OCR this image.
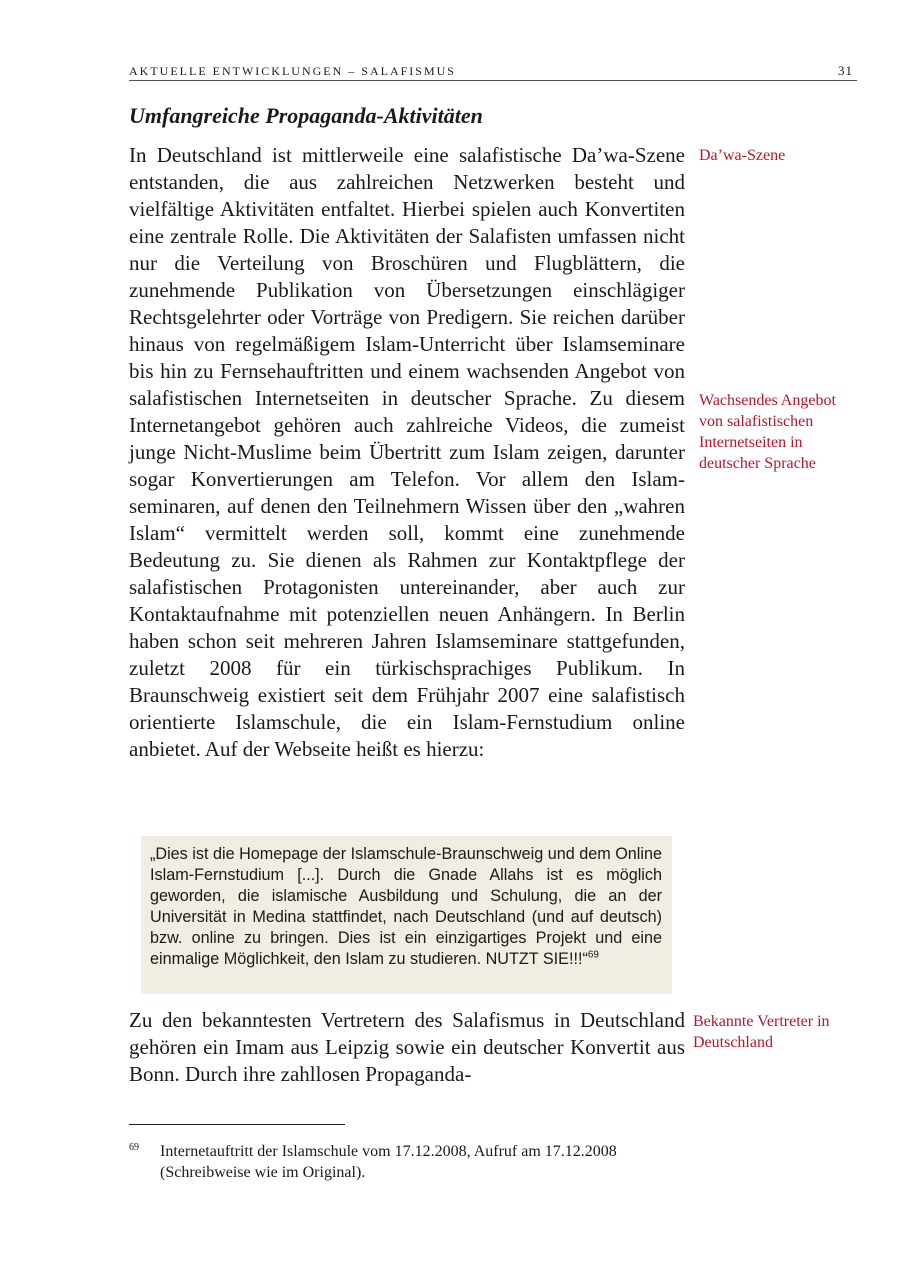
AKTUELLE ENTWICKLUNGEN – SALAFISMUS	31
Umfangreiche Propaganda-Aktivitäten

In Deutschland ist mittlerweile eine salafistische Da’wa-Szene entstanden, die aus zahlreichen Netzwerken besteht und vielfältige Aktivitäten entfaltet. Hierbei spielen auch Konvertiten eine zentrale Rolle. Die Aktivitäten der Salafisten umfassen nicht nur die Verteilung von Broschüren und Flugblättern, die zunehmende Publikation von Übersetzungen einschlägiger Rechtsgelehrter oder Vorträge von Predigern. Sie reichen darüber hinaus von regelmäßigem Islam-Unterricht über Islamseminare bis hin zu Fernsehauftritten und einem wachsenden Angebot von salafistischen Internetseiten in deutscher Sprache. Zu diesem Internetangebot gehören auch zahlreiche Videos, die zumeist junge Nicht-Muslime beim Übertritt zum Islam zeigen, darunter sogar Konvertierungen am Telefon. Vor allem den Islamseminaren, auf denen den Teilnehmern Wissen über den „wahren Islam“ vermittelt werden soll, kommt eine zunehmende Bedeutung zu. Sie dienen als Rahmen zur Kontaktpflege der salafistischen Protagonisten untereinander, aber auch zur Kontaktaufnahme mit potenziellen neuen Anhängern. In Berlin haben schon seit mehreren Jahren Islamseminare stattgefunden, zuletzt 2008 für ein türkischsprachiges Publikum. In Braunschweig existiert seit dem Frühjahr 2007 eine salafistisch orientierte Islamschule, die ein Islam-Fernstudium online anbietet. Auf der Webseite heißt es hierzu:

„Dies ist die Homepage der Islamschule-Braunschweig und dem Online Islam-Fernstudium [...]. Durch die Gnade Allahs ist es möglich geworden, die islamische Ausbildung und Schulung, die an der Universität in Medina stattfindet, nach Deutschland (und auf deutsch) bzw. online zu bringen. Dies ist ein einzigartiges Projekt und eine einmalige Möglichkeit, den Islam zu studieren. NUTZT SIE!!!“$^{69}$

Zu den bekanntesten Vertretern des Salafismus in Deutschland gehören ein Imam aus Leipzig sowie ein deutscher Konvertit aus Bonn. Durch ihre zahllosen Propaganda-

Da’wa-Szene

Wachsendes Angebot von salafistischen Internetseiten in deutscher Sprache

Bekannte Vertreter in Deutschland

69 Internetauftritt der Islamschule vom 17.12.2008, Aufruf am 17.12.2008 (Schreibweise wie im Original).
